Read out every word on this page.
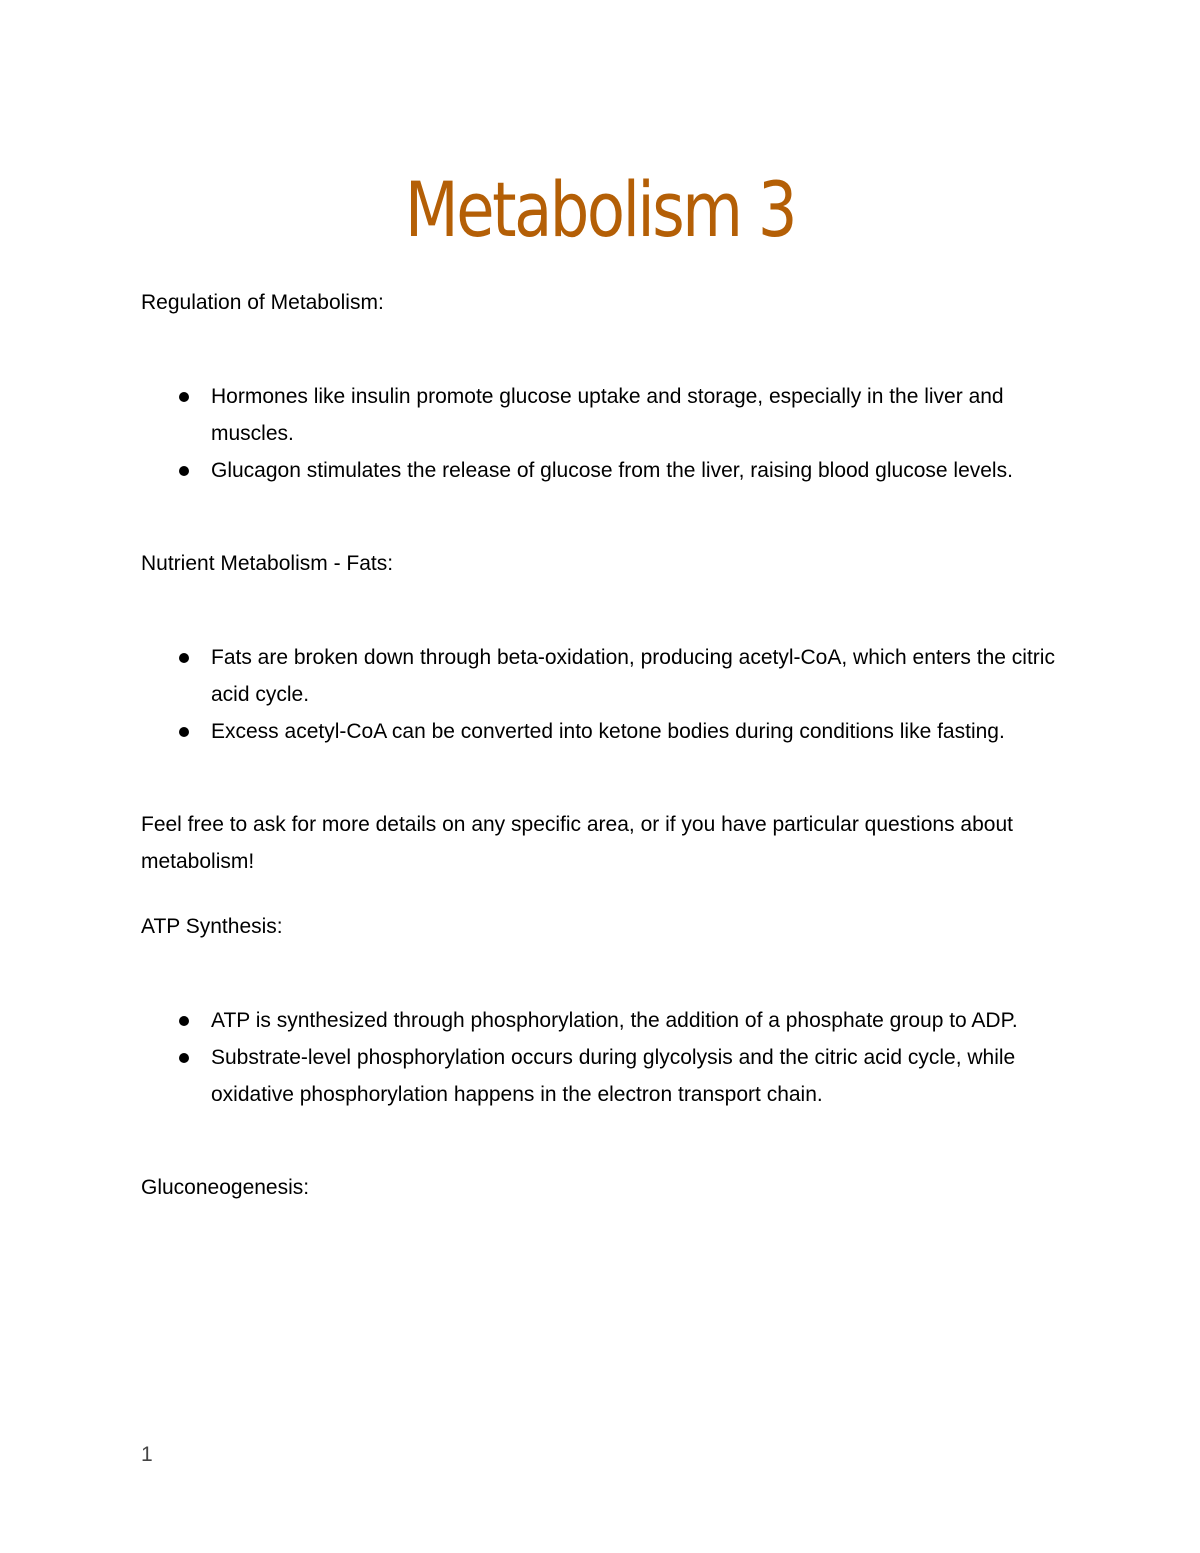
Metabolism 3

Regulation of Metabolism:

Hormones like insulin promote glucose uptake and storage, especially in the liver and muscles.
Glucagon stimulates the release of glucose from the liver, raising blood glucose levels.

Nutrient Metabolism - Fats:

Fats are broken down through beta-oxidation, producing acetyl-CoA, which enters the citric acid cycle.
Excess acetyl-CoA can be converted into ketone bodies during conditions like fasting.

Feel free to ask for more details on any specific area, or if you have particular questions about metabolism!

ATP Synthesis:

ATP is synthesized through phosphorylation, the addition of a phosphate group to ADP.
Substrate-level phosphorylation occurs during glycolysis and the citric acid cycle, while oxidative phosphorylation happens in the electron transport chain.

Gluconeogenesis:

1
